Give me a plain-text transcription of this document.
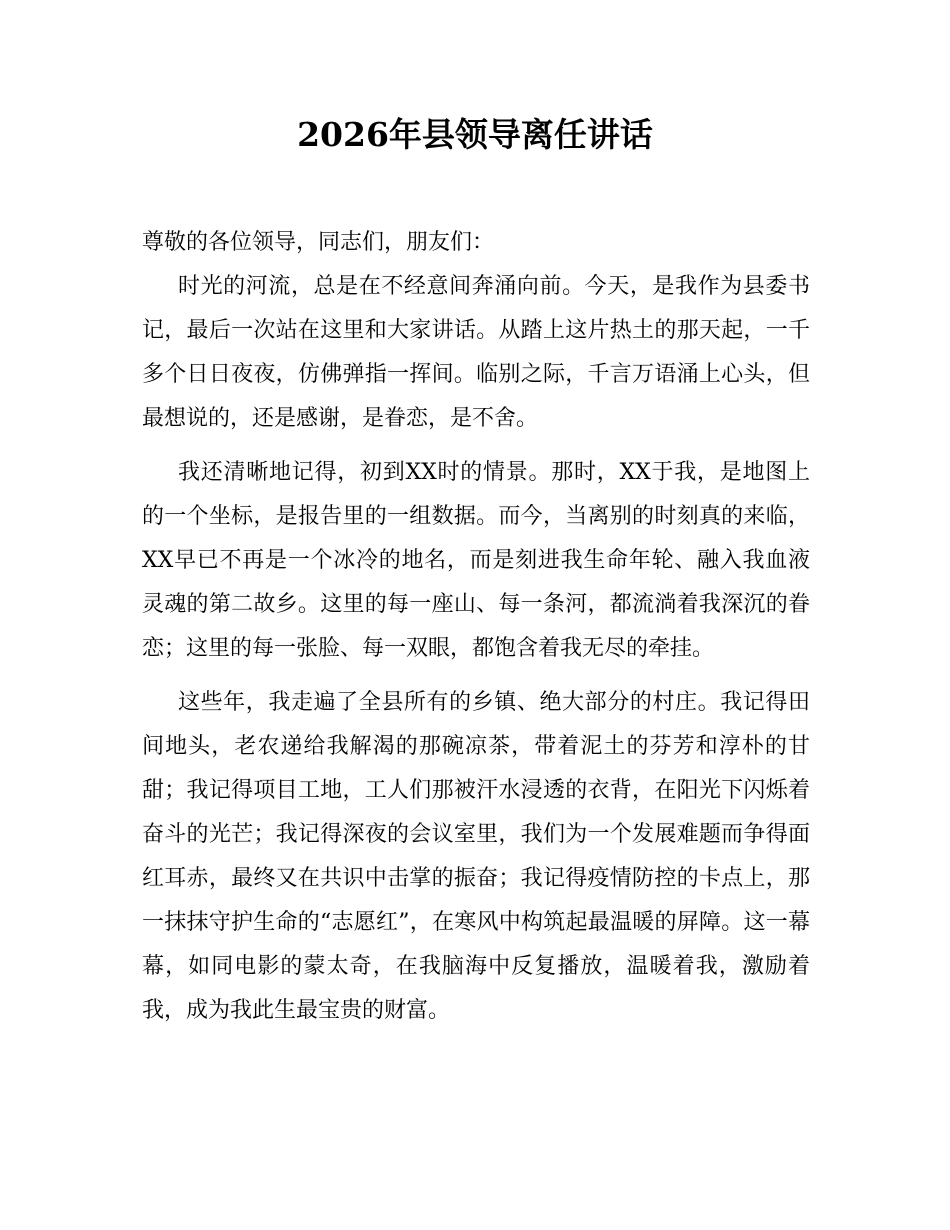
2026年县领导离任讲话

尊敬的各位领导，同志们，朋友们：

时光的河流，总是在不经意间奔涌向前。今天，是我作为县委书记，最后一次站在这里和大家讲话。从踏上这片热土的那天起，一千多个日日夜夜，仿佛弹指一挥间。临别之际，千言万语涌上心头，但最想说的，还是感谢，是眷恋，是不舍。

我还清晰地记得，初到XX时的情景。那时，XX于我，是地图上的一个坐标，是报告里的一组数据。而今，当离别的时刻真的来临，XX早已不再是一个冰冷的地名，而是刻进我生命年轮、融入我血液灵魂的第二故乡。这里的每一座山、每一条河，都流淌着我深沉的眷恋；这里的每一张脸、每一双眼，都饱含着我无尽的牵挂。

这些年，我走遍了全县所有的乡镇、绝大部分的村庄。我记得田间地头，老农递给我解渴的那碗凉茶，带着泥土的芬芳和淳朴的甘甜；我记得项目工地，工人们那被汗水浸透的衣背，在阳光下闪烁着奋斗的光芒；我记得深夜的会议室里，我们为一个发展难题而争得面红耳赤，最终又在共识中击掌的振奋；我记得疫情防控的卡点上，那一抹抹守护生命的“志愿红”，在寒风中构筑起最温暖的屏障。这一幕幕，如同电影的蒙太奇，在我脑海中反复播放，温暖着我，激励着我，成为我此生最宝贵的财富。
